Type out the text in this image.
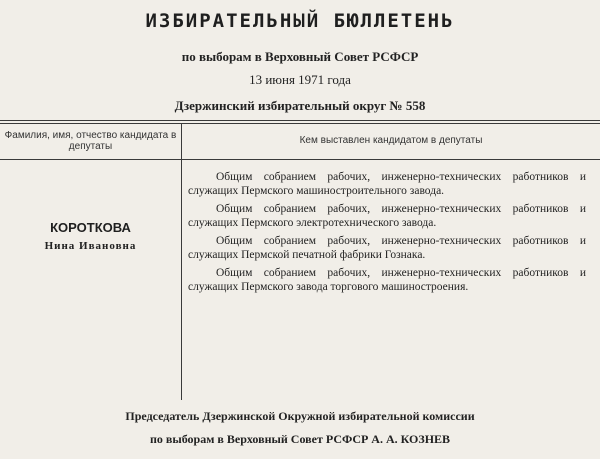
ИЗБИРАТЕЛЬНЫЙ БЮЛЛЕТЕНЬ
по выборам в Верховный Совет РСФСР
13 июня 1971 года
Дзержинский избирательный округ № 558
Фамилия, имя, отчество кандидата в депутаты
Кем выставлен кандидатом в депутаты
КОРОТКОВА
Нина Ивановна

Общим собранием рабочих, инженерно-технических работников и служащих Пермского машиностроительного завода.

Общим собранием рабочих, инженерно-технических работников и служащих Пермского электротехнического завода.

Общим собранием рабочих, инженерно-технических работников и служащих Пермской печатной фабрики Гознака.

Общим собранием рабочих, инженерно-технических работников и служащих Пермского завода торгового машиностроения.

Председатель Дзержинской Окружной избирательной комиссии
по выборам в Верховный Совет РСФСР А. А. КОЗНЕВ
